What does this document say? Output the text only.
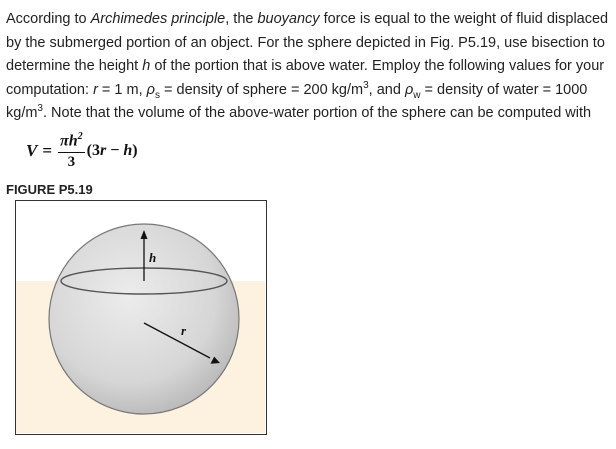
According to Archimedes principle, the buoyancy force is equal to the weight of fluid displaced by the submerged portion of an object. For the sphere depicted in Fig. P5.19, use bisection to determine the height h of the portion that is above water. Employ the following values for your computation: r = 1 m, $\rho_s$ = density of sphere = 200 $kg/m^3$, and $\rho_w$ = density of water = 1000 $kg/m^3$. Note that the volume of the above-water portion of the sphere can be computed with
$V = \frac{\pi h^2}{3} (3r - h)$
FIGURE P5.19
h
r
